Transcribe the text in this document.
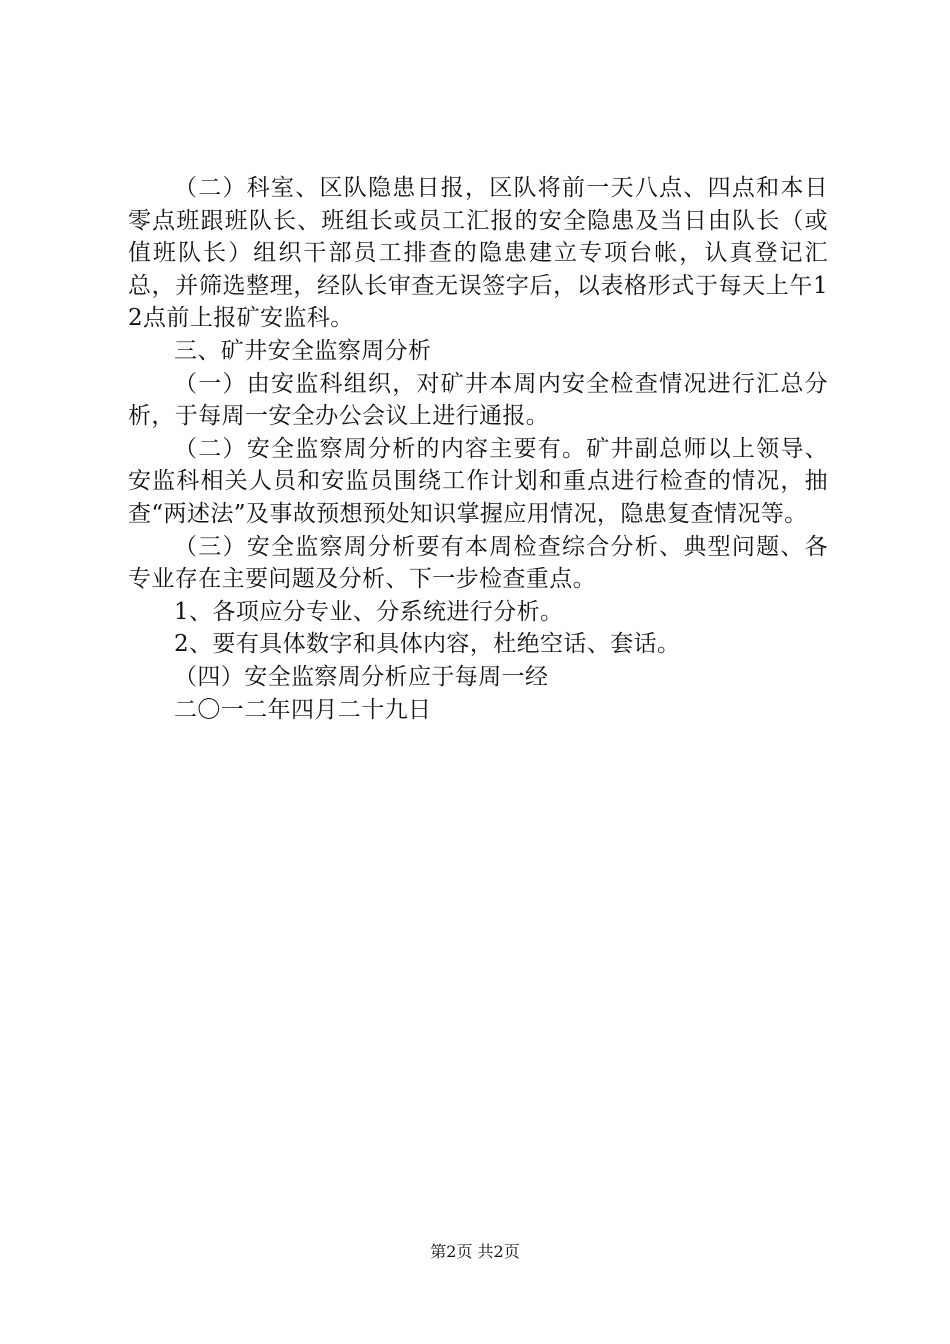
（二）科室、区队隐患日报，区队将前一天八点、四点和本日零点班跟班队长、班组长或员工汇报的安全隐患及当日由队长（或值班队长）组织干部员工排查的隐患建立专项台帐，认真登记汇总，并筛选整理，经队长审查无误签字后，以表格形式于每天上午12点前上报矿安监科。

三、矿井安全监察周分析

（一）由安监科组织，对矿井本周内安全检查情况进行汇总分析，于每周一安全办公会议上进行通报。

（二）安全监察周分析的内容主要有。矿井副总师以上领导、安监科相关人员和安监员围绕工作计划和重点进行检查的情况，抽查“两述法”及事故预想预处知识掌握应用情况，隐患复查情况等。

（三）安全监察周分析要有本周检查综合分析、典型问题、各专业存在主要问题及分析、下一步检查重点。

1、各项应分专业、分系统进行分析。

2、要有具体数字和具体内容，杜绝空话、套话。

（四）安全监察周分析应于每周一经

二〇一二年四月二十九日

第2页 共2页
